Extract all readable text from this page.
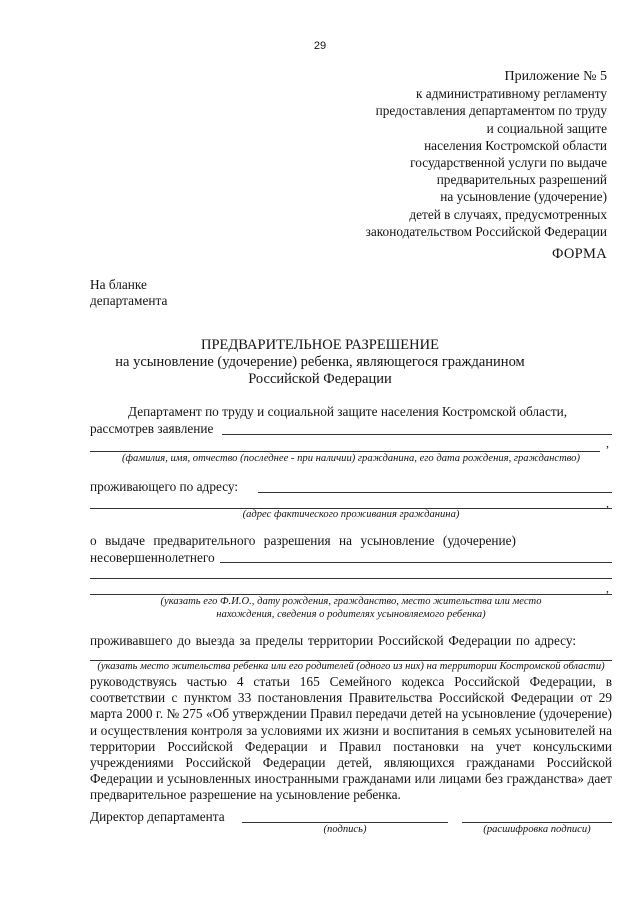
29
Приложение № 5
к административному регламенту
предоставления департаментом по труду
и социальной защите
населения Костромской области
государственной услуги по выдаче
предварительных разрешений
на усыновление (удочерение)
детей в случаях, предусмотренных
законодательством Российской Федерации
ФОРМА
На бланке
департамента
ПРЕДВАРИТЕЛЬНОЕ РАЗРЕШЕНИЕ
на усыновление (удочерение) ребенка, являющегося гражданином
Российской Федерации
Департамент по труду и социальной защите населения Костромской области,
рассмотрев заявление
,
(фамилия, имя, отчество (последнее - при наличии) гражданина, его дата рождения, гражданство)
проживающего по адресу:
,
(адрес фактического проживания гражданина)
о выдаче предварительного разрешения на усыновление (удочерение)
несовершеннолетнего
,
(указать его Ф.И.О., дату рождения, гражданство, место жительства или место
нахождения, сведения о родителях усыновляемого ребенка)
проживавшего до выезда за пределы территории Российской Федерации по адресу:
(указать место жительства ребенка или его родителей (одного из них) на территории Костромской области)
руководствуясь частью 4 статьи 165 Семейного кодекса Российской Федерации, в соответствии с пунктом 33 постановления Правительства Российской Федерации от 29 марта 2000 г. № 275 «Об утверждении Правил передачи детей на усыновление (удочерение) и осуществления контроля за условиями их жизни и воспитания в семьях усыновителей на территории Российской Федерации и Правил постановки на учет консульскими учреждениями Российской Федерации детей, являющихся гражданами Российской Федерации и усыновленных иностранными гражданами или лицами без гражданства» дает предварительное разрешение на усыновление ребенка.
Директор департамента
(подпись)	(расшифровка подписи)
